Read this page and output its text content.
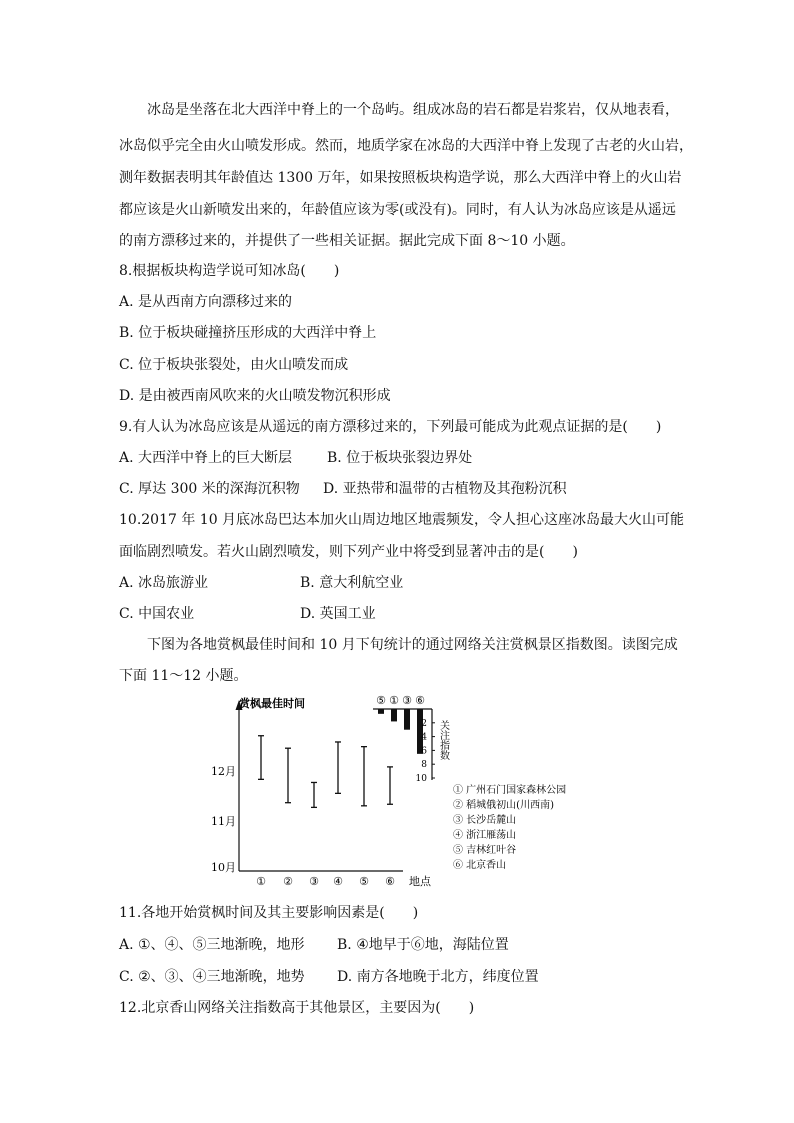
冰岛是坐落在北大西洋中脊上的一个岛屿。组成冰岛的岩石都是岩浆岩，仅从地表看，
冰岛似乎完全由火山喷发形成。然而，地质学家在冰岛的大西洋中脊上发现了古老的火山岩，
测年数据表明其年龄值达 1300 万年，如果按照板块构造学说，那么大西洋中脊上的火山岩
都应该是火山新喷发出来的，年龄值应该为零(或没有)。同时，有人认为冰岛应该是从遥远
的南方漂移过来的，并提供了一些相关证据。据此完成下面 8～10 小题。
8.根据板块构造学说可知冰岛(　　)
A. 是从西南方向漂移过来的
B. 位于板块碰撞挤压形成的大西洋中脊上
C. 位于板块张裂处，由火山喷发而成
D. 是由被西南风吹来的火山喷发物沉积形成
9.有人认为冰岛应该是从遥远的南方漂移过来的，下列最可能成为此观点证据的是(　　)
A. 大西洋中脊上的巨大断层 B. 位于板块张裂边界处
C. 厚达 300 米的深海沉积物 D. 亚热带和温带的古植物及其孢粉沉积
10.2017 年 10 月底冰岛巴达本加火山周边地区地震频发，令人担心这座冰岛最大火山可能
面临剧烈喷发。若火山剧烈喷发，则下列产业中将受到显著冲击的是(　　)
A. 冰岛旅游业	B. 意大利航空业
C. 中国农业	D. 英国工业
下图为各地赏枫最佳时间和 10 月下旬统计的通过网络关注赏枫景区指数图。读图完成
下面 11～12 小题。
赏枫最佳时间
地点
10月
11月
12月
① ② ③ ④ ⑤ ⑥
关注指数
2
4
6
8
10
⑤ ① ③ ⑥
① 广州石门国家森林公园
② 稻城俄初山(川西南)
③ 长沙岳麓山
④ 浙江雁荡山
⑤ 吉林红叶谷
⑥ 北京香山
11.各地开始赏枫时间及其主要影响因素是(　　)
A. ①、④、⑤三地渐晚，地形 B. ④地早于⑥地，海陆位置
C. ②、③、④三地渐晚，地势 D. 南方各地晚于北方，纬度位置
12.北京香山网络关注指数高于其他景区，主要因为(　　)
